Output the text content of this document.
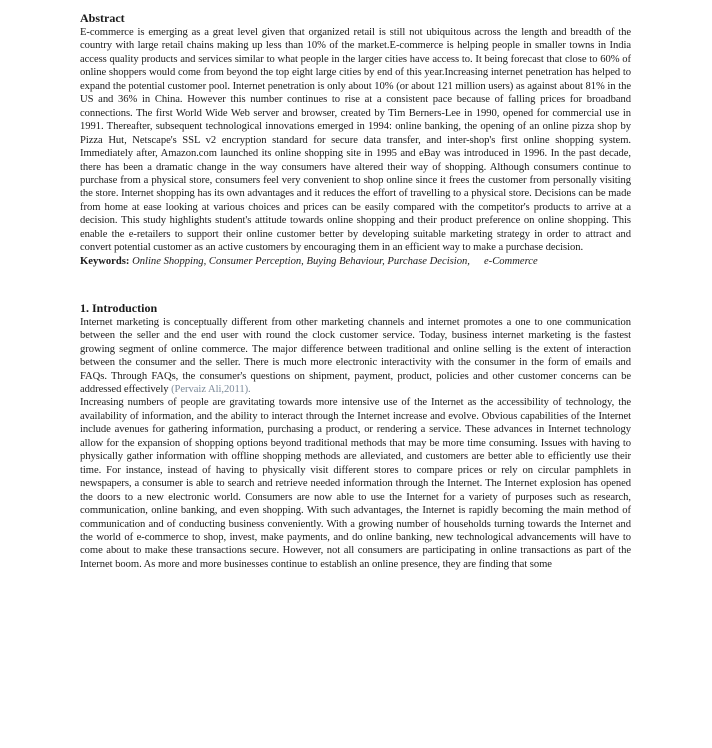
Abstract

E-commerce is emerging as a great level given that organized retail is still not ubiquitous across the length and breadth of the country with large retail chains making up less than 10% of the market.E-commerce is helping people in smaller towns in India access quality products and services similar to what people in the larger cities have access to. It being forecast that close to 60% of online shoppers would come from beyond the top eight large cities by end of this year.Increasing internet penetration has helped to expand the potential customer pool. Internet penetration is only about 10% (or about 121 million users) as against about 81% in the US and 36% in China. However this number continues to rise at a consistent pace because of falling prices for broadband connections. The first World Wide Web server and browser, created by Tim Berners-Lee in 1990, opened for commercial use in 1991. Thereafter, subsequent technological innovations emerged in 1994: online banking, the opening of an online pizza shop by Pizza Hut, Netscape's SSL v2 encryption standard for secure data transfer, and inter-shop's first online shopping system. Immediately after, Amazon.com launched its online shopping site in 1995 and eBay was introduced in 1996. In the past decade, there has been a dramatic change in the way consumers have altered their way of shopping. Although consumers continue to purchase from a physical store, consumers feel very convenient to shop online since it frees the customer from personally visiting the store. Internet shopping has its own advantages and it reduces the effort of travelling to a physical store. Decisions can be made from home at ease looking at various choices and prices can be easily compared with the competitor's products to arrive at a decision. This study highlights student's attitude towards online shopping and their product preference on online shopping. This enable the e-retailers to support their online customer better by developing suitable marketing strategy in order to attract and convert potential customer as an active customers by encouraging them in an efficient way to make a purchase decision.

Keywords: Online Shopping, Consumer Perception, Buying Behaviour, Purchase Decision, e-Commerce
1. Introduction

Internet marketing is conceptually different from other marketing channels and internet promotes a one to one communication between the seller and the end user with round the clock customer service. Today, business internet marketing is the fastest growing segment of online commerce. The major difference between traditional and online selling is the extent of interaction between the consumer and the seller. There is much more electronic interactivity with the consumer in the form of emails and FAQs. Through FAQs, the consumer's questions on shipment, payment, product, policies and other customer concerns can be addressed effectively (Pervaiz Ali,2011).

Increasing numbers of people are gravitating towards more intensive use of the Internet as the accessibility of technology, the availability of information, and the ability to interact through the Internet increase and evolve. Obvious capabilities of the Internet include avenues for gathering information, purchasing a product, or rendering a service. These advances in Internet technology allow for the expansion of shopping options beyond traditional methods that may be more time consuming. Issues with having to physically gather information with offline shopping methods are alleviated, and customers are better able to efficiently use their time. For instance, instead of having to physically visit different stores to compare prices or rely on circular pamphlets in newspapers, a consumer is able to search and retrieve needed information through the Internet. The Internet explosion has opened the doors to a new electronic world. Consumers are now able to use the Internet for a variety of purposes such as research, communication, online banking, and even shopping. With such advantages, the Internet is rapidly becoming the main method of communication and of conducting business conveniently. With a growing number of households turning towards the Internet and the world of e-commerce to shop, invest, make payments, and do online banking, new technological advancements will have to come about to make these transactions secure. However, not all consumers are participating in online transactions as part of the Internet boom. As more and more businesses continue to establish an online presence, they are finding that some
